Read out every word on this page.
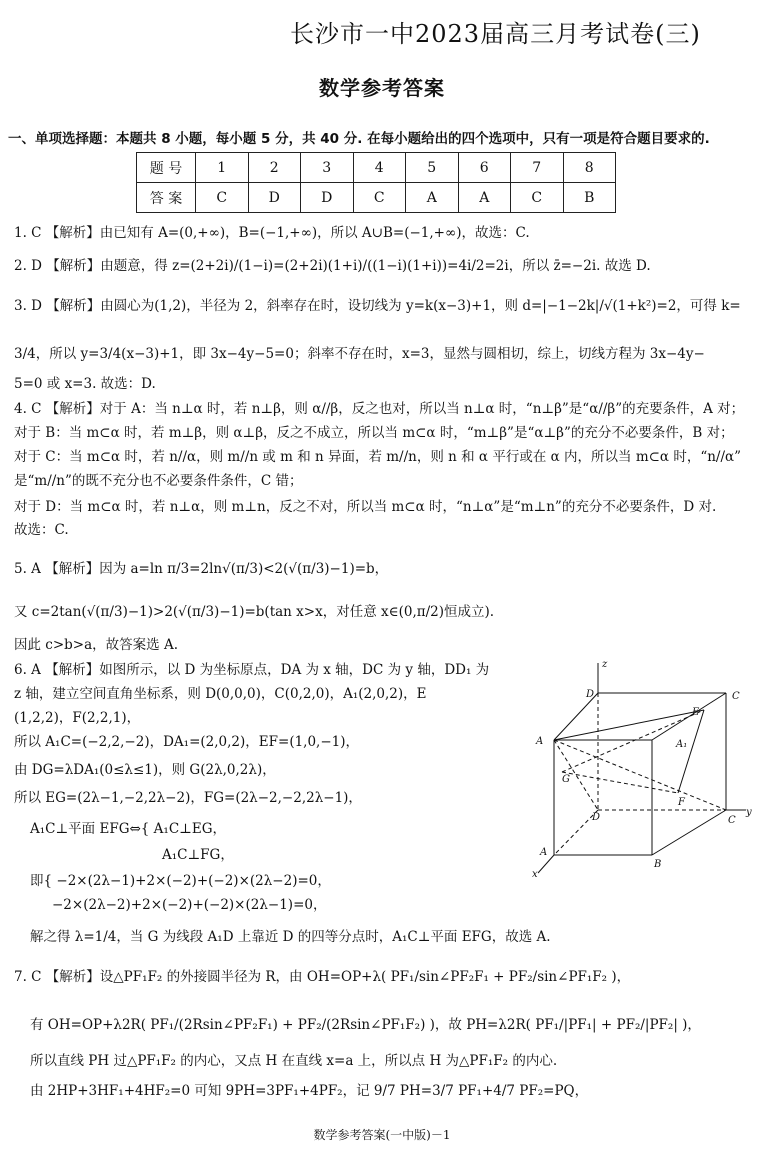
长沙市一中2023届高三月考试卷(三)
数学参考答案
一、单项选择题：本题共 8 小题，每小题 5 分，共 40 分. 在每小题给出的四个选项中，只有一项是符合题目要求的.
题 号	1	2	3	4	5	6	7	8
答 案	C	D	D	C	A	A	C	B
1. C 【解析】由已知有 A=(0,+∞)，B=(−1,+∞)，所以 A∪B=(−1,+∞)，故选：C.
2. D 【解析】由题意，得 z=(2+2i)/(1−i)=(2+2i)(1+i)/((1−i)(1+i))=4i/2=2i，所以 z̄=−2i. 故选 D.
3. D 【解析】由圆心为(1,2)，半径为 2，斜率存在时，设切线为 y=k(x−3)+1，则 d=|−1−2k|/√(1+k²)=2，可得 k=
3/4，所以 y=3/4(x−3)+1，即 3x−4y−5=0；斜率不存在时，x=3，显然与圆相切，综上，切线方程为 3x−4y−
5=0 或 x=3. 故选：D.
4. C 【解析】对于 A：当 n⊥α 时，若 n⊥β，则 α//β，反之也对，所以当 n⊥α 时，“n⊥β”是“α//β”的充要条件，A 对；
对于 B：当 m⊂α 时，若 m⊥β，则 α⊥β，反之不成立，所以当 m⊂α 时，“m⊥β”是“α⊥β”的充分不必要条件，B 对；
对于 C：当 m⊂α 时，若 n//α，则 m//n 或 m 和 n 异面，若 m//n，则 n 和 α 平行或在 α 内，所以当 m⊂α 时，“n//α”
是“m//n”的既不充分也不必要条件条件，C 错；
对于 D：当 m⊂α 时，若 n⊥α，则 m⊥n，反之不对，所以当 m⊂α 时，“n⊥α”是“m⊥n”的充分不必要条件，D 对.
故选：C.
5. A 【解析】因为 a=ln π/3=2ln√(π/3)<2(√(π/3)−1)=b，
又 c=2tan(√(π/3)−1)>2(√(π/3)−1)=b(tan x>x，对任意 x∈(0,π/2)恒成立).
因此 c>b>a，故答案选 A.
6. A 【解析】如图所示，以 D 为坐标原点，DA 为 x 轴，DC 为 y 轴，DD₁ 为
z 轴，建立空间直角坐标系，则 D(0,0,0)，C(0,2,0)，A₁(2,0,2)，E
(1,2,2)，F(2,2,1)，
所以 A₁C=(−2,2,−2)，DA₁=(2,0,2)，EF=(1,0,−1)，
由 DG=λDA₁(0≤λ≤1)，则 G(2λ,0,2λ)，
所以 EG=(2λ−1,−2,2λ−2)，FG=(2λ−2,−2,2λ−1)，
A₁C⊥平面 EFG⇔{ A₁C⊥EG，
A₁C⊥FG，
即{ −2×(2λ−1)+2×(−2)+(−2)×(2λ−2)=0，
−2×(2λ−2)+2×(−2)+(−2)×(2λ−1)=0，
解之得 λ=1/4，当 G 为线段 A₁D 上靠近 D 的四等分点时，A₁C⊥平面 EFG，故选 A.
7. C 【解析】设△PF₁F₂ 的外接圆半径为 R，由 OH=OP+λ( PF₁/sin∠PF₂F₁ + PF₂/sin∠PF₁F₂ )，
有 OH=OP+λ2R( PF₁/(2Rsin∠PF₂F₁) + PF₂/(2Rsin∠PF₁F₂) )，故 PH=λ2R( PF₁/|PF₁| + PF₂/|PF₂| )，
所以直线 PH 过△PF₁F₂ 的内心，又点 H 在直线 x=a 上，所以点 H 为△PF₁F₂ 的内心.
由 2HP+3HF₁+4HF₂=0 可知 9PH=3PF₁+4PF₂，记 9/7 PH=3/7 PF₁+4/7 PF₂=PQ，
z
D	C
A
E
A₁
G
F
D	C
y
A
B
x
数学参考答案(一中版)－1
